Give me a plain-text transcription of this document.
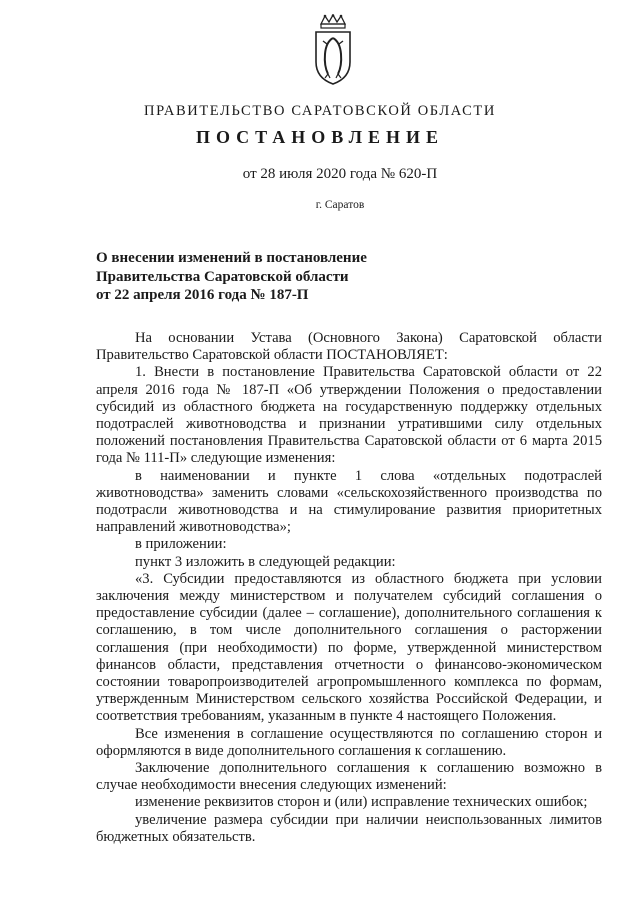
ПРАВИТЕЛЬСТВО САРАТОВСКОЙ ОБЛАСТИ
ПОСТАНОВЛЕНИЕ
от 28 июля 2020 года № 620-П
г. Саратов
О внесении изменений в постановление
Правительства Саратовской области
от 22 апреля 2016 года № 187-П

На основании Устава (Основного Закона) Саратовской области Правительство Саратовской области ПОСТАНОВЛЯЕТ:

1. Внести в постановление Правительства Саратовской области от 22 апреля 2016 года № 187-П «Об утверждении Положения о предоставлении субсидий из областного бюджета на государственную поддержку отдельных подотраслей животноводства и признании утратившими силу отдельных положений постановления Правительства Саратовской области от 6 марта 2015 года № 111-П» следующие изменения:

в наименовании и пункте 1 слова «отдельных подотраслей животноводства» заменить словами «сельскохозяйственного производства по подотрасли животноводства и на стимулирование развития приоритетных направлений животноводства»;

в приложении:

пункт 3 изложить в следующей редакции:

«3. Субсидии предоставляются из областного бюджета при условии заключения между министерством и получателем субсидий соглашения о предоставление субсидии (далее – соглашение), дополнительного соглашения к соглашению, в том числе дополнительного соглашения о расторжении соглашения (при необходимости) по форме, утвержденной министерством финансов области, представления отчетности о финансово-экономическом состоянии товаропроизводителей агропромышленного комплекса по формам, утвержденным Министерством сельского хозяйства Российской Федерации, и соответствия требованиям, указанным в пункте 4 настоящего Положения.

Все изменения в соглашение осуществляются по соглашению сторон и оформляются в виде дополнительного соглашения к соглашению.

Заключение дополнительного соглашения к соглашению возможно в случае необходимости внесения следующих изменений:

изменение реквизитов сторон и (или) исправление технических ошибок;

увеличение размера субсидии при наличии неиспользованных лимитов бюджетных обязательств.
